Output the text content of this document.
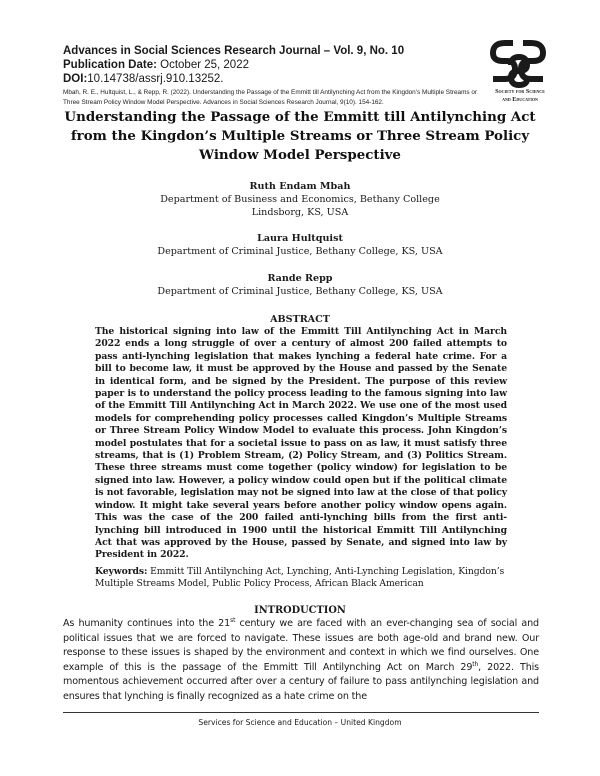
Advances in Social Sciences Research Journal – Vol. 9, No. 10
Publication Date: October 25, 2022
DOI:10.14738/assrj.910.13252.
Mbah, R. E., Hultquist, L., & Repp, R. (2022). Understanding the Passage of the Emmitt till Antilynching Act from the Kingdon’s Multiple Streams or Three Stream Policy Window Model Perspective. Advances in Social Sciences Research Journal, 9(10). 154-162.
Society for Science
and Education
Understanding the Passage of the Emmitt till Antilynching Act from the Kingdon’s Multiple Streams or Three Stream Policy Window Model Perspective
Ruth Endam Mbah
Department of Business and Economics, Bethany College
Lindsborg, KS, USA
Laura Hultquist
Department of Criminal Justice, Bethany College, KS, USA
Rande Repp
Department of Criminal Justice, Bethany College, KS, USA
ABSTRACT
The historical signing into law of the Emmitt Till Antilynching Act in March 2022 ends a long struggle of over a century of almost 200 failed attempts to pass anti-lynching legislation that makes lynching a federal hate crime. For a bill to become law, it must be approved by the House and passed by the Senate in identical form, and be signed by the President. The purpose of this review paper is to understand the policy process leading to the famous signing into law of the Emmitt Till Antilynching Act in March 2022. We use one of the most used models for comprehending policy processes called Kingdon’s Multiple Streams or Three Stream Policy Window Model to evaluate this process. John Kingdon’s model postulates that for a societal issue to pass on as law, it must satisfy three streams, that is (1) Problem Stream, (2) Policy Stream, and (3) Politics Stream. These three streams must come together (policy window) for legislation to be signed into law. However, a policy window could open but if the political climate is not favorable, legislation may not be signed into law at the close of that policy window. It might take several years before another policy window opens again. This was the case of the 200 failed anti-lynching bills from the first anti-lynching bill introduced in 1900 until the historical Emmitt Till Antilynching Act that was approved by the House, passed by Senate, and signed into law by President in 2022.
Keywords: Emmitt Till Antilynching Act, Lynching, Anti-Lynching Legislation, Kingdon’s Multiple Streams Model, Public Policy Process, African Black American
INTRODUCTION
As humanity continues into the 21st century we are faced with an ever-changing sea of social and political issues that we are forced to navigate. These issues are both age-old and brand new. Our response to these issues is shaped by the environment and context in which we find ourselves. One example of this is the passage of the Emmitt Till Antilynching Act on March 29th, 2022. This momentous achievement occurred after over a century of failure to pass antilynching legislation and ensures that lynching is finally recognized as a hate crime on the
Services for Science and Education – United Kingdom
